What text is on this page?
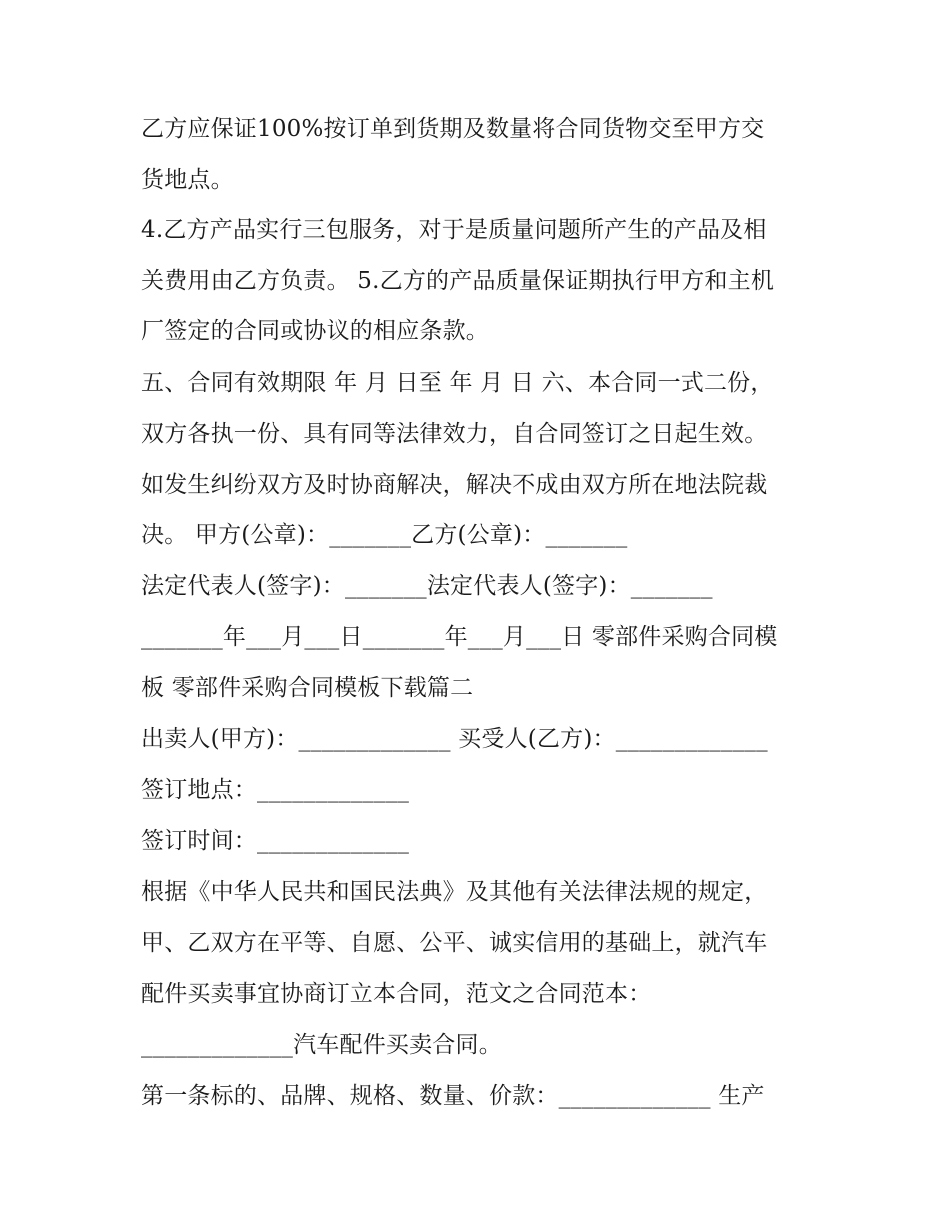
乙方应保证100%按订单到货期及数量将合同货物交至甲方交
货地点。
4.乙方产品实行三包服务，对于是质量问题所产生的产品及相
关费用由乙方负责。 5.乙方的产品质量保证期执行甲方和主机
厂签定的合同或协议的相应条款。
五、合同有效期限 年 月 日至 年 月 日 六、本合同一式二份，
双方各执一份、具有同等法律效力，自合同签订之日起生效。
如发生纠纷双方及时协商解决，解决不成由双方所在地法院裁
决。 甲方(公章)：_______乙方(公章)：_______
法定代表人(签字)：_______法定代表人(签字)：_______
_______年___月___日_______年___月___日 零部件采购合同模
板 零部件采购合同模板下载篇二
出卖人(甲方)：_____________ 买受人(乙方)：_____________
签订地点：_____________
签订时间：_____________
根据《中华人民共和国民法典》及其他有关法律法规的规定，
甲、乙双方在平等、自愿、公平、诚实信用的基础上，就汽车
配件买卖事宜协商订立本合同，范文之合同范本：
_____________汽车配件买卖合同。
第一条标的、品牌、规格、数量、价款：_____________ 生产
